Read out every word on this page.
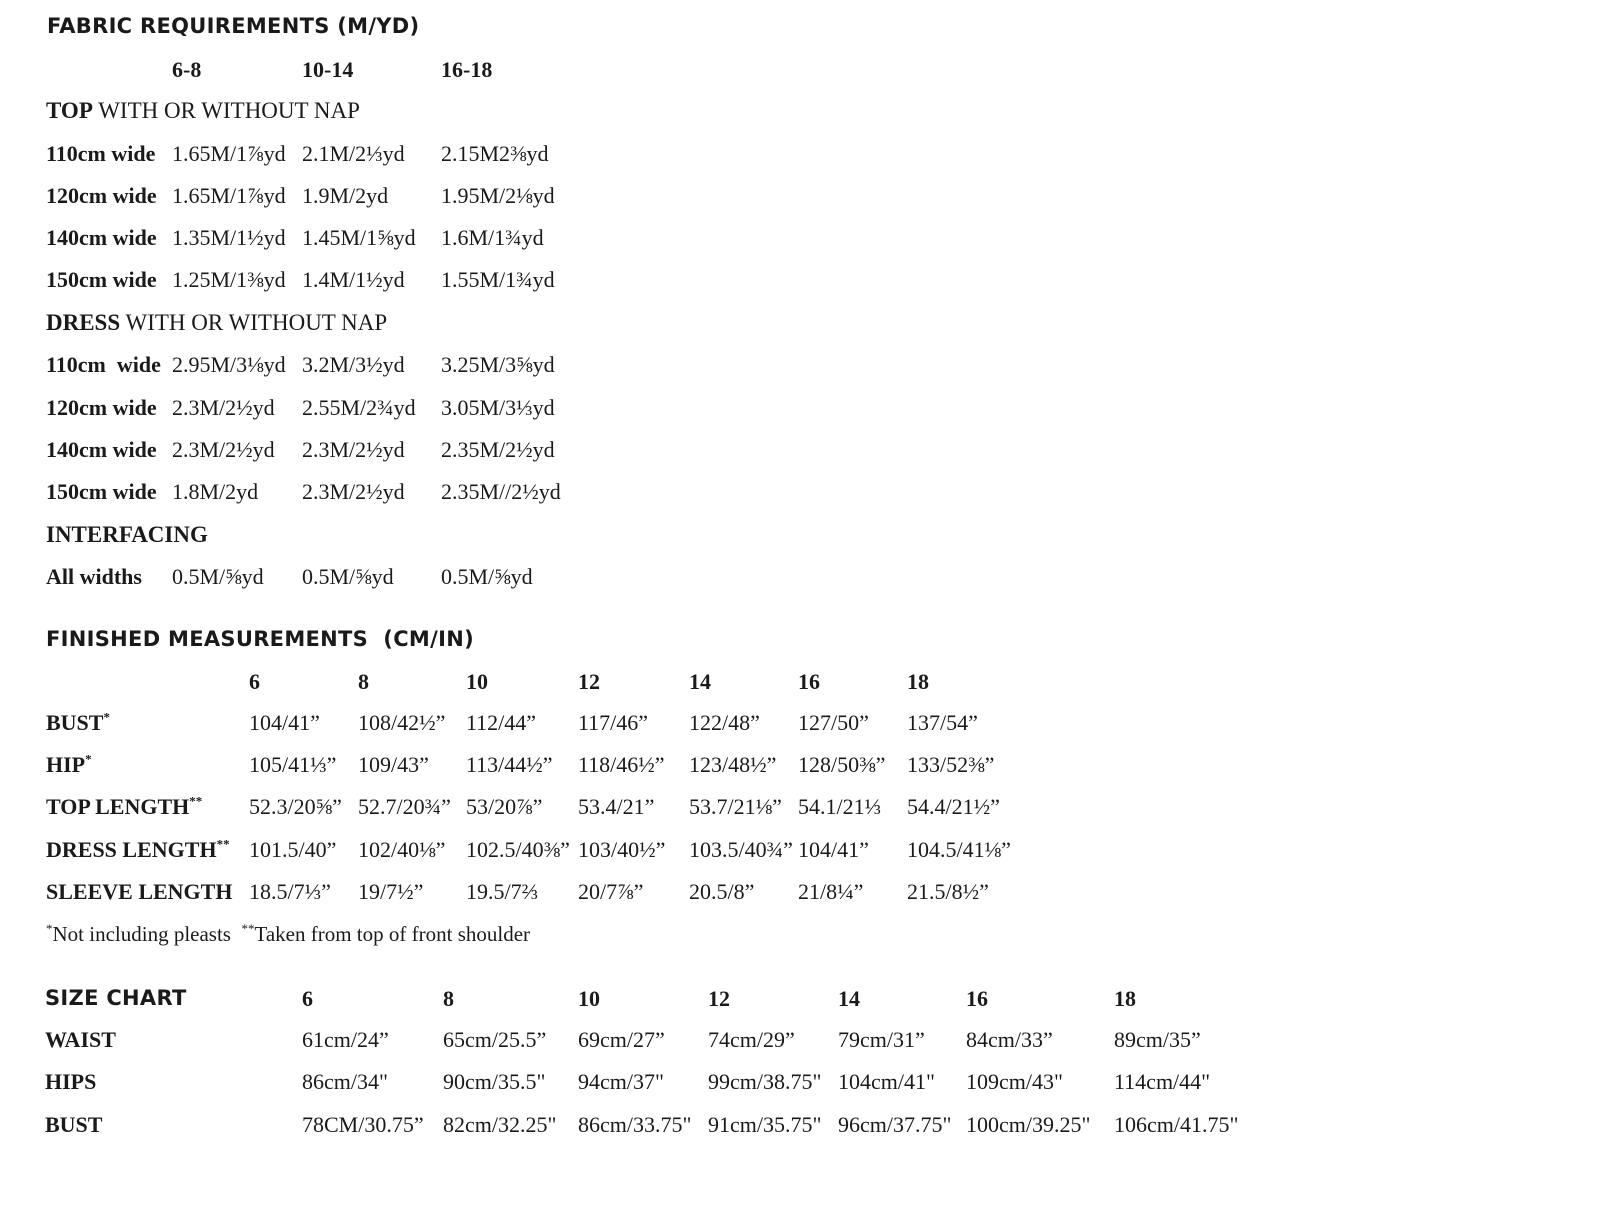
FABRIC REQUIREMENTS (M/YD)
6-8	10-14	16-18
TOP WITH OR WITHOUT NAP
110cm wide 1.65M/1⅞yd 2.1M/2⅓yd 2.15M2⅜yd
120cm wide 1.65M/1⅞yd 1.9M/2yd 1.95M/2⅛yd
140cm wide 1.35M/1½yd 1.45M/1⅝yd 1.6M/1¾yd
150cm wide 1.25M/1⅜yd 1.4M/1½yd 1.55M/1¾yd
DRESS WITH OR WITHOUT NAP
110cm  wide 2.95M/3⅛yd 3.2M/3½yd 3.25M/3⅝yd
120cm wide 2.3M/2½yd 2.55M/2¾yd 3.05M/3⅓yd
140cm wide 2.3M/2½yd 2.3M/2½yd 2.35M/2½yd
150cm wide 1.8M/2yd 2.3M/2½yd 2.35M//2½yd
INTERFACING
All widths 0.5M/⅝yd 0.5M/⅝yd 0.5M/⅝yd
FINISHED MEASUREMENTS  (CM/IN)
6	8	10	12	14	16	18
BUST*	104/41” 108/42½” 112/44” 117/46” 122/48” 127/50” 137/54”
HIP*	105/41⅓” 109/43” 113/44½” 118/46½” 123/48½” 128/50⅜” 133/52⅜”
TOP LENGTH** 52.3/20⅝” 52.7/20¾” 53/20⅞” 53.4/21” 53.7/21⅛” 54.1/21⅓ 54.4/21½”
DRESS LENGTH** 101.5/40” 102/40⅛” 102.5/40⅜” 103/40½” 103.5/40¾” 104/41” 104.5/41⅛”
SLEEVE LENGTH 18.5/7⅓” 19/7½” 19.5/7⅔ 20/7⅞” 20.5/8” 21/8¼” 21.5/8½”
*Not including pleasts **Taken from top of front shoulder
SIZE CHART	6	8	10	12	14	16	18
WAIST	61cm/24” 65cm/25.5” 69cm/27” 74cm/29” 79cm/31” 84cm/33”	89cm/35”
HIPS	86cm/34"	90cm/35.5" 94cm/37" 99cm/38.75" 104cm/41" 109cm/43" 114cm/44"
BUST	78CM/30.75” 82cm/32.25" 86cm/33.75" 91cm/35.75" 96cm/37.75" 100cm/39.25" 106cm/41.75"
